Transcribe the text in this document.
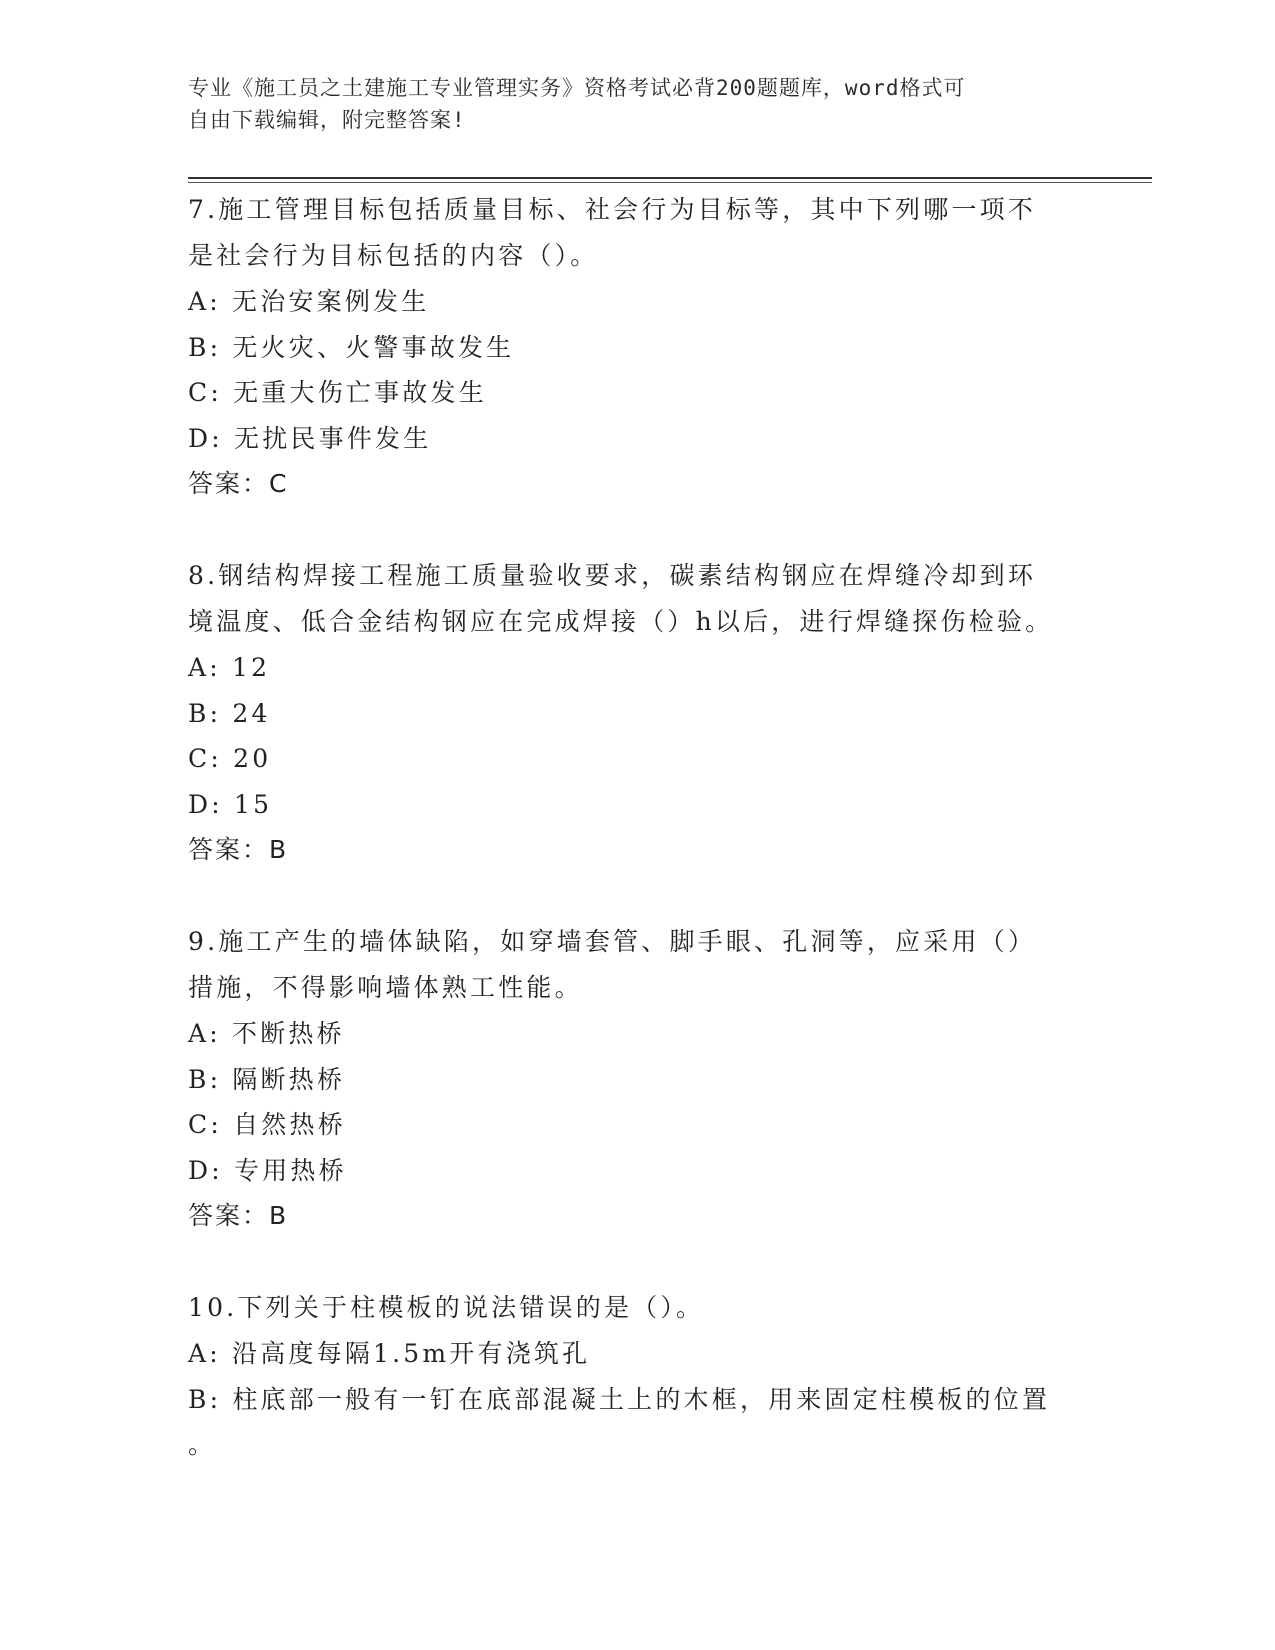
专业《施工员之土建施工专业管理实务》资格考试必背200题题库，word格式可
自由下载编辑，附完整答案!
7.施工管理目标包括质量目标、社会行为目标等，其中下列哪一项不
是社会行为目标包括的内容（）。
A: 无治安案例发生
B: 无火灾、火警事故发生
C: 无重大伤亡事故发生
D: 无扰民事件发生
答案：C
8.钢结构焊接工程施工质量验收要求，碳素结构钢应在焊缝冷却到环
境温度、低合金结构钢应在完成焊接（）h以后，进行焊缝探伤检验。
A: 12
B: 24
C: 20
D: 15
答案：B
9.施工产生的墙体缺陷，如穿墙套管、脚手眼、孔洞等，应采用（）
措施，不得影响墙体熟工性能。
A: 不断热桥
B: 隔断热桥
C: 自然热桥
D: 专用热桥
答案：B
10.下列关于柱模板的说法错误的是（）。
A: 沿高度每隔1.5m开有浇筑孔
B: 柱底部一般有一钉在底部混凝土上的木框，用来固定柱模板的位置
。
